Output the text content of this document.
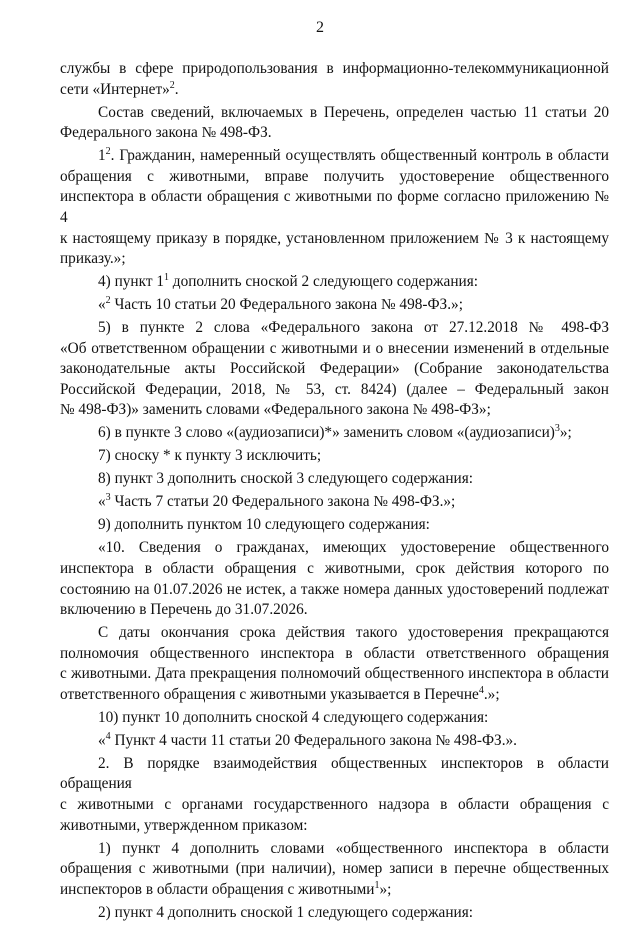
2
службы в сфере природопользования в информационно-телекоммуникационной
сети «Интернет»$^2$.
Состав сведений, включаемых в Перечень, определен частью 11 статьи 20
Федерального закона № 498-ФЗ.
$1^2$. Гражданин, намеренный осуществлять общественный контроль в области
обращения с животными, вправе получить удостоверение общественного
инспектора в области обращения с животными по форме согласно приложению № 4
к настоящему приказу в порядке, установленном приложением № 3 к настоящему
приказу.»;
4) пункт $1^1$ дополнить сноской 2 следующего содержания:
«$^2$ Часть 10 статьи 20 Федерального закона № 498-ФЗ.»;
5) в пункте 2 слова «Федерального закона от 27.12.2018 № 498-ФЗ
«Об ответственном обращении с животными и о внесении изменений в отдельные
законодательные акты Российской Федерации» (Собрание законодательства
Российской Федерации, 2018, № 53, ст. 8424) (далее – Федеральный закон
№ 498-ФЗ)» заменить словами «Федерального закона № 498-ФЗ»;
6) в пункте 3 слово «(аудиозаписи)*» заменить словом «(аудиозаписи)$^3$»;
7) сноску * к пункту 3 исключить;
8) пункт 3 дополнить сноской 3 следующего содержания:
«$^3$ Часть 7 статьи 20 Федерального закона № 498-ФЗ.»;
9) дополнить пунктом 10 следующего содержания:
«10. Сведения о гражданах, имеющих удостоверение общественного
инспектора в области обращения с животными, срок действия которого по
состоянию на 01.07.2026 не истек, а также номера данных удостоверений подлежат
включению в Перечень до 31.07.2026.
С даты окончания срока действия такого удостоверения прекращаются
полномочия общественного инспектора в области ответственного обращения
с животными. Дата прекращения полномочий общественного инспектора в области
ответственного обращения с животными указывается в Перечне$^4$.»;
10) пункт 10 дополнить сноской 4 следующего содержания:
«$^4$ Пункт 4 части 11 статьи 20 Федерального закона № 498-ФЗ.».
2. В порядке взаимодействия общественных инспекторов в области обращения
с животными с органами государственного надзора в области обращения с
животными, утвержденном приказом:
1) пункт 4 дополнить словами «общественного инспектора в области
обращения с животными (при наличии), номер записи в перечне общественных
инспекторов в области обращения с животными$^1$»;
2) пункт 4 дополнить сноской 1 следующего содержания:
